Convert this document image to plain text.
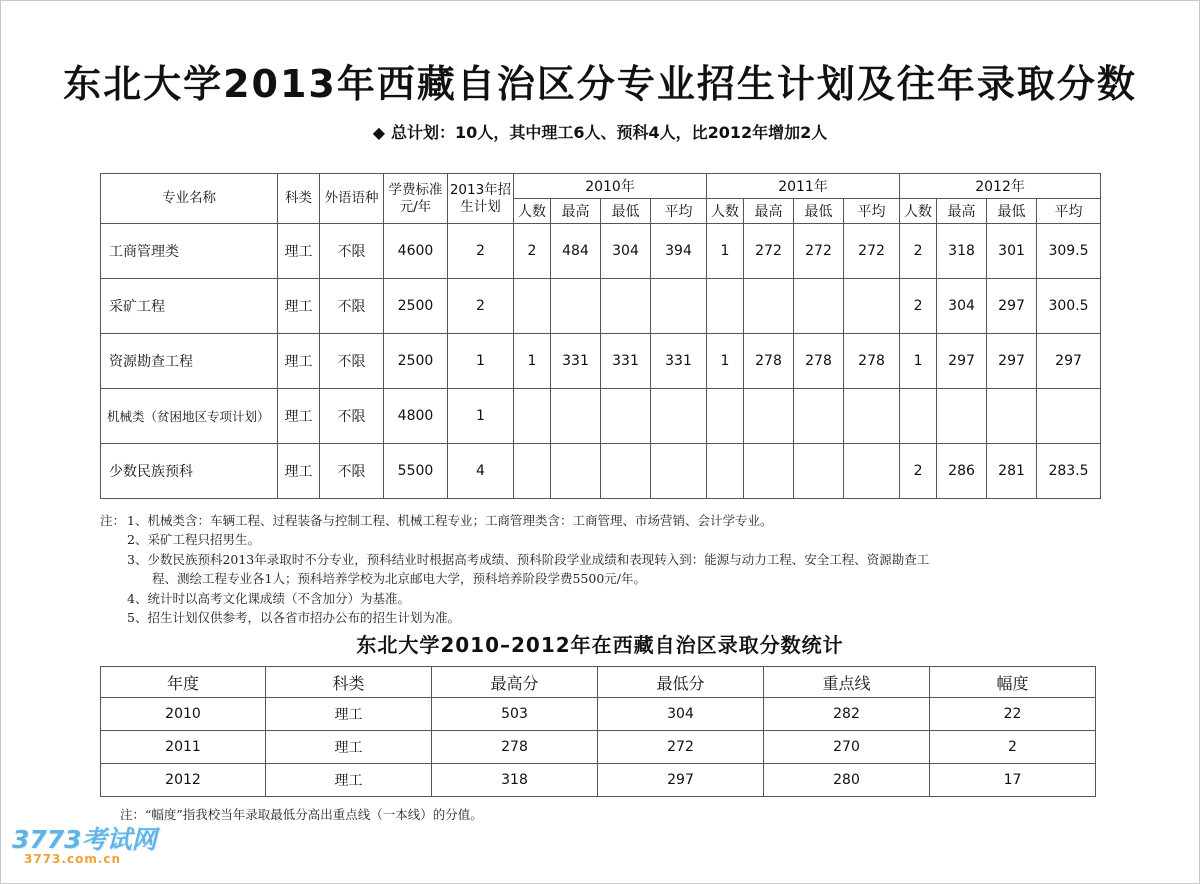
东北大学2013年西藏自治区分专业招生计划及往年录取分数
◆ 总计划：10人，其中理工6人、预科4人，比2012年增加2人
专业名称	科类	外语语种	学费标准元/年	2013年招生计划	2010年				2011年				2012年			
					人数	最高	最低	平均	人数	最高	最低	平均	人数	最高	最低	平均
工商管理类	理工	不限	4600	2	2	484	304	394	1	272	272	272	2	318	301	309.5
采矿工程	理工	不限	2500	2									2	304	297	300.5
资源勘查工程	理工	不限	2500	1	1	331	331	331	1	278	278	278	1	297	297	297
机械类（贫困地区专项计划）	理工	不限	4800	1												
少数民族预科	理工	不限	5500	4									2	286	281	283.5
注： 1、机械类含：车辆工程、过程装备与控制工程、机械工程专业；工商管理类含：工商管理、市场营销、会计学专业。
2、采矿工程只招男生。
3、少数民族预科2013年录取时不分专业，预科结业时根据高考成绩、预科阶段学业成绩和表现转入到：能源与动力工程、安全工程、资源勘查工
程、测绘工程专业各1人；预科培养学校为北京邮电大学，预科培养阶段学费5500元/年。
4、统计时以高考文化课成绩（不含加分）为基准。
5、招生计划仅供参考，以各省市招办公布的招生计划为准。
东北大学2010–2012年在西藏自治区录取分数统计
年度	科类	最高分	最低分	重点线	幅度
2010	理工	503	304	282	22
2011	理工	278	272	270	2
2012	理工	318	297	280	17
注：“幅度”指我校当年录取最低分高出重点线（一本线）的分值。
3773考试网
3773.com.cn
